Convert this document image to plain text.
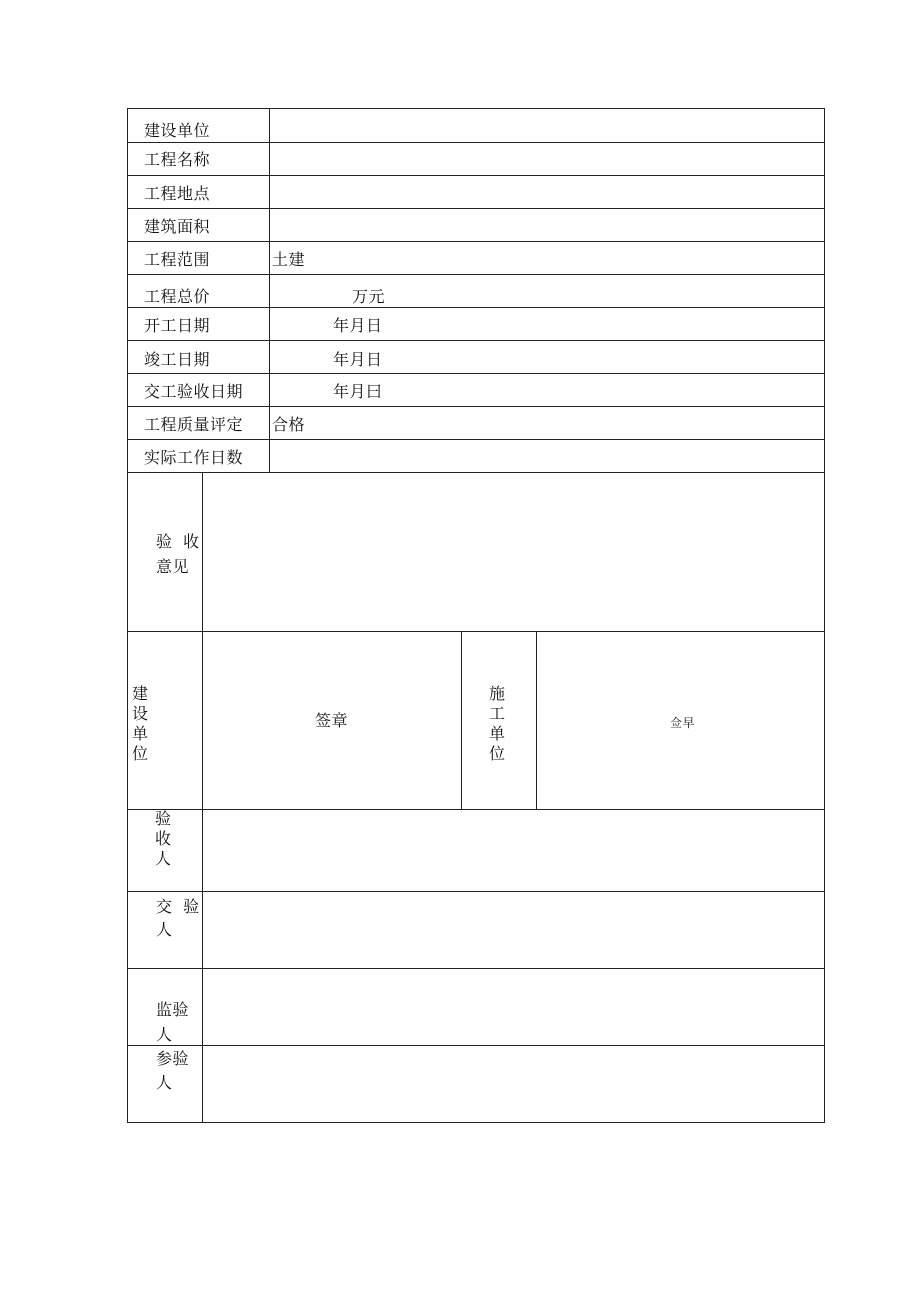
建设单位
工程名称
工程地点
建筑面积
工程范围
工程总价
开工日期
竣工日期
交工验收日期
工程质量评定
实际工作日数
土建
万元
年月日
年月日
年月曰
合格
验 收
意见
建设单位
签章
施工单位
佥早
验收人
交 验
人
监验
人
参验
人
